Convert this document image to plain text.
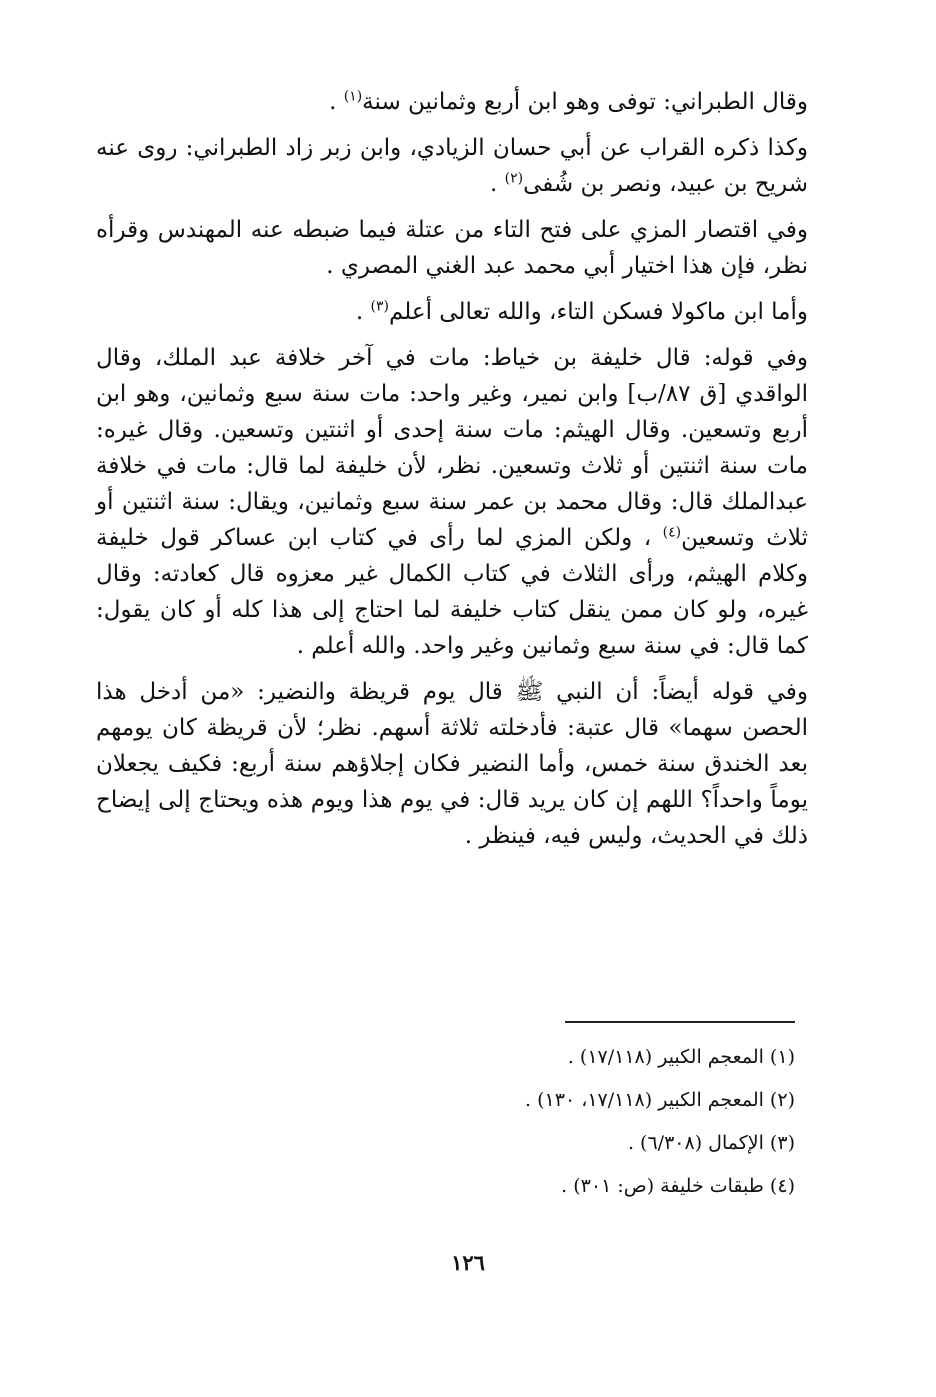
وقال الطبراني: توفى وهو ابن أربع وثمانين سنة$^{(١)}$ .

وكذا ذكره القراب عن أبي حسان الزيادي، وابن زبر زاد الطبراني: روى عنه شريح بن عبيد، ونصر بن شُفى$^{(٢)}$ .

وفي اقتصار المزي على فتح التاء من عتلة فيما ضبطه عنه المهندس وقرأه نظر، فإن هذا اختيار أبي محمد عبد الغني المصري .

وأما ابن ماكولا فسكن التاء، والله تعالى أعلم$^{(٣)}$ .

وفي قوله: قال خليفة بن خياط: مات في آخر خلافة عبد الملك، وقال الواقدي [ق ٨٧/ب] وابن نمير، وغير واحد: مات سنة سبع وثمانين، وهو ابن أربع وتسعين. وقال الهيثم: مات سنة إحدى أو اثنتين وتسعين. وقال غيره: مات سنة اثنتين أو ثلاث وتسعين. نظر، لأن خليفة لما قال: مات في خلافة عبدالملك قال: وقال محمد بن عمر سنة سبع وثمانين، ويقال: سنة اثنتين أو ثلاث وتسعين$^{(٤)}$ ، ولكن المزي لما رأى في كتاب ابن عساكر قول خليفة وكلام الهيثم، ورأى الثلاث في كتاب الكمال غير معزوه قال كعادته: وقال غيره، ولو كان ممن ينقل كتاب خليفة لما احتاج إلى هذا كله أو كان يقول: كما قال: في سنة سبع وثمانين وغير واحد. والله أعلم .

وفي قوله أيضاً: أن النبي ﷺ قال يوم قريظة والنضير: «من أدخل هذا الحصن سهما» قال عتبة: فأدخلته ثلاثة أسهم. نظر؛ لأن قريظة كان يومهم بعد الخندق سنة خمس، وأما النضير فكان إجلاؤهم سنة أربع: فكيف يجعلان يوماً واحداً؟ اللهم إن كان يريد قال: في يوم هذا ويوم هذه ويحتاج إلى إيضاح ذلك في الحديث، وليس فيه، فينظر .

(١) المعجم الكبير (١٧/١١٨) .

(٢) المعجم الكبير (١٧/١١٨، ١٣٠) .

(٣) الإكمال (٦/٣٠٨) .

(٤) طبقات خليفة (ص: ٣٠١) .

١٢٦
